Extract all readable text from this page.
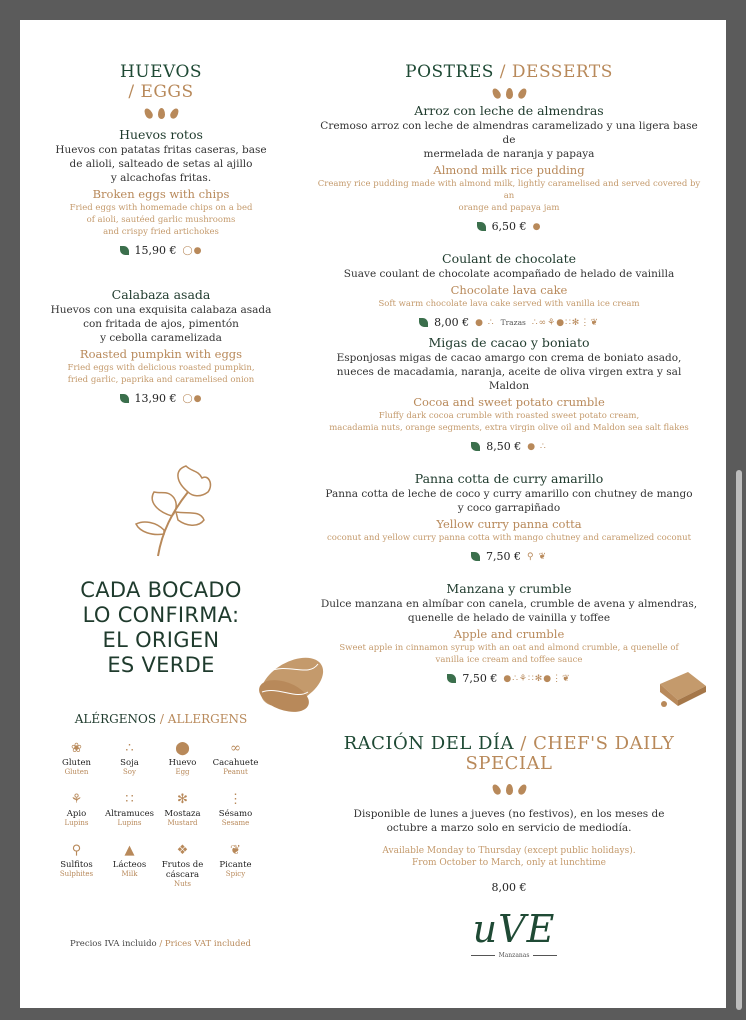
HUEVOS
/ EGGS

Huevos rotos

Huevos con patatas fritas caseras, base

de alioli, salteado de setas al ajillo

y alcachofas fritas.

Broken eggs with chips

Fried eggs with homemade chips on a bed

of aioli, sautéed garlic mushrooms

and crispy fried artichokes

15,90 € ◯●

Calabaza asada

Huevos con una exquisita calabaza asada

con fritada de ajos, pimentón

y cebolla caramelizada

Roasted pumpkin with eggs

Fried eggs with delicious roasted pumpkin,

fried garlic, paprika and caramelised onion

13,90 € ◯●
CADA BOCADO
LO CONFIRMA:
EL ORIGEN
ES VERDE
ALÉRGENOS / ALLERGENS
❀
Gluten
Gluten
∴
Soja
Soy
⬤
Huevo
Egg
∞
Cacahuete
Peanut
⚘
Apio
Lupins
∷
Altramuces
Lupins
✻
Mostaza
Mustard
⋮
Sésamo
Sesame
⚲
Sulfitos
Sulphites
▲
Lácteos
Milk
❖
Frutos de cáscara
Nuts
❦
Picante
Spicy
Precios IVA incluido / Prices VAT included
POSTRES / DESSERTS

Arroz con leche de almendras

Cremoso arroz con leche de almendras caramelizado y una ligera base de

mermelada de naranja y papaya

Almond milk rice pudding

Creamy rice pudding made with almond milk, lightly caramelised and served covered by an

orange and papaya jam

6,50 € ●

Coulant de chocolate

Suave coulant de chocolate acompañado de helado de vainilla

Chocolate lava cake

Soft warm chocolate lava cake served with vanilla ice cream

8,00 € ● ∴ Trazas ∴∞⚘●∷✻⋮❦

Migas de cacao y boniato

Esponjosas migas de cacao amargo con crema de boniato asado,

nueces de macadamia, naranja, aceite de oliva virgen extra y sal Maldon

Cocoa and sweet potato crumble

Fluffy dark cocoa crumble with roasted sweet potato cream,

macadamia nuts, orange segments, extra virgin olive oil and Maldon sea salt flakes

8,50 € ● ∴

Panna cotta de curry amarillo

Panna cotta de leche de coco y curry amarillo con chutney de mango

y coco garrapiñado

Yellow curry panna cotta

coconut and yellow curry panna cotta with mango chutney and caramelized coconut

7,50 € ⚲ ❦

Manzana y crumble

Dulce manzana en almíbar con canela, crumble de avena y almendras,

quenelle de helado de vainilla y toffee

Apple and crumble

Sweet apple in cinnamon syrup with an oat and almond crumble, a quenelle of

vanilla ice cream and toffee sauce

7,50 € ●∴⚘∷✻●⋮❦
RACIÓN DEL DÍA / CHEF'S DAILY SPECIAL

Disponible de lunes a jueves (no festivos), en los meses de

octubre a marzo solo en servicio de mediodía.

Available Monday to Thursday (except public holidays).

From October to March, only at lunchtime

8,00 €
uVE
Manzanas
